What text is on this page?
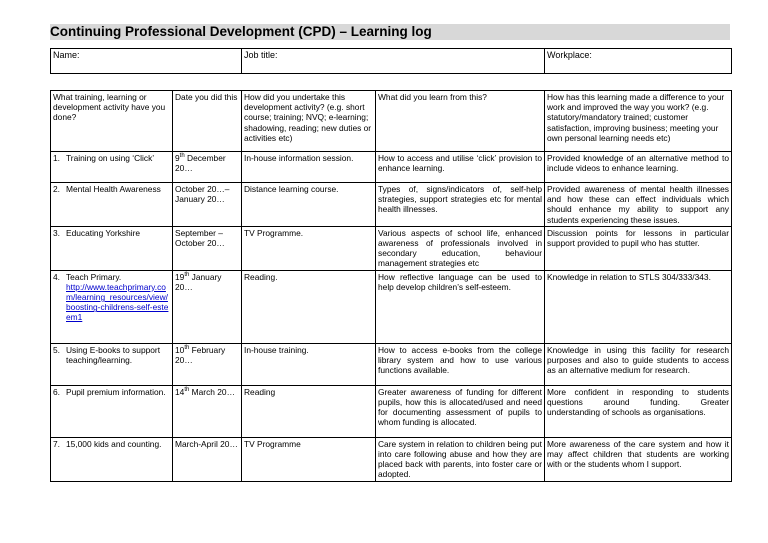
Continuing Professional Development (CPD) – Learning log
Name:	Job title:	Workplace:
What training, learning or development activity have you done?	Date you did this	How did you undertake this development activity? (e.g. short course; training; NVQ; e-learning; shadowing, reading; new duties or activities etc)	What did you learn from this?	How has this learning made a difference to your work and improved the way you work? (e.g. statutory/mandatory trained; customer satisfaction, improving business; meeting your own personal learning needs etc)

1. Training on using ‘Click’	9th December 20…	In-house information session.	How to access and utilise ‘click’ provision to enhance learning.	Provided knowledge of an alternative method to include videos to enhance learning.

2. Mental Health Awareness	October 20…– January 20…	Distance learning course.	Types of, signs/indicators of, self-help strategies, support strategies etc for mental health illnesses.	Provided awareness of mental health illnesses and how these can effect individuals which should enhance my ability to support any students experiencing these issues.

3. Educating Yorkshire	September – October 20…	TV Programme.	Various aspects of school life, enhanced awareness of professionals involved in secondary education, behaviour management strategies etc	Discussion points for lessons in particular support provided to pupil who has stutter.

4. Teach Primary.
http://www.teachprimary.com/learning_resources/view/boosting-childrens-self-esteem1	19th January 20…	Reading.	How reflective language can be used to help develop children’s self-esteem.	Knowledge in relation to STLS 304/333/343.

5. Using E-books to support teaching/learning.	10th February 20…	In-house training.	How to access e-books from the college library system and how to use various functions available.	Knowledge in using this facility for research purposes and also to guide students to access as an alternative medium for research.

6. Pupil premium information.	14th March 20…	Reading	Greater awareness of funding for different pupils, how this is allocated/used and need for documenting assessment of pupils to whom funding is allocated.	More confident in responding to students questions around funding. Greater understanding of schools as organisations.

7. 15,000 kids and counting.	March-April 20…	TV Programme	Care system in relation to children being put into care following abuse and how they are placed back with parents, into foster care or adopted.	More awareness of the care system and how it may affect children that students are working with or the students whom I support.
